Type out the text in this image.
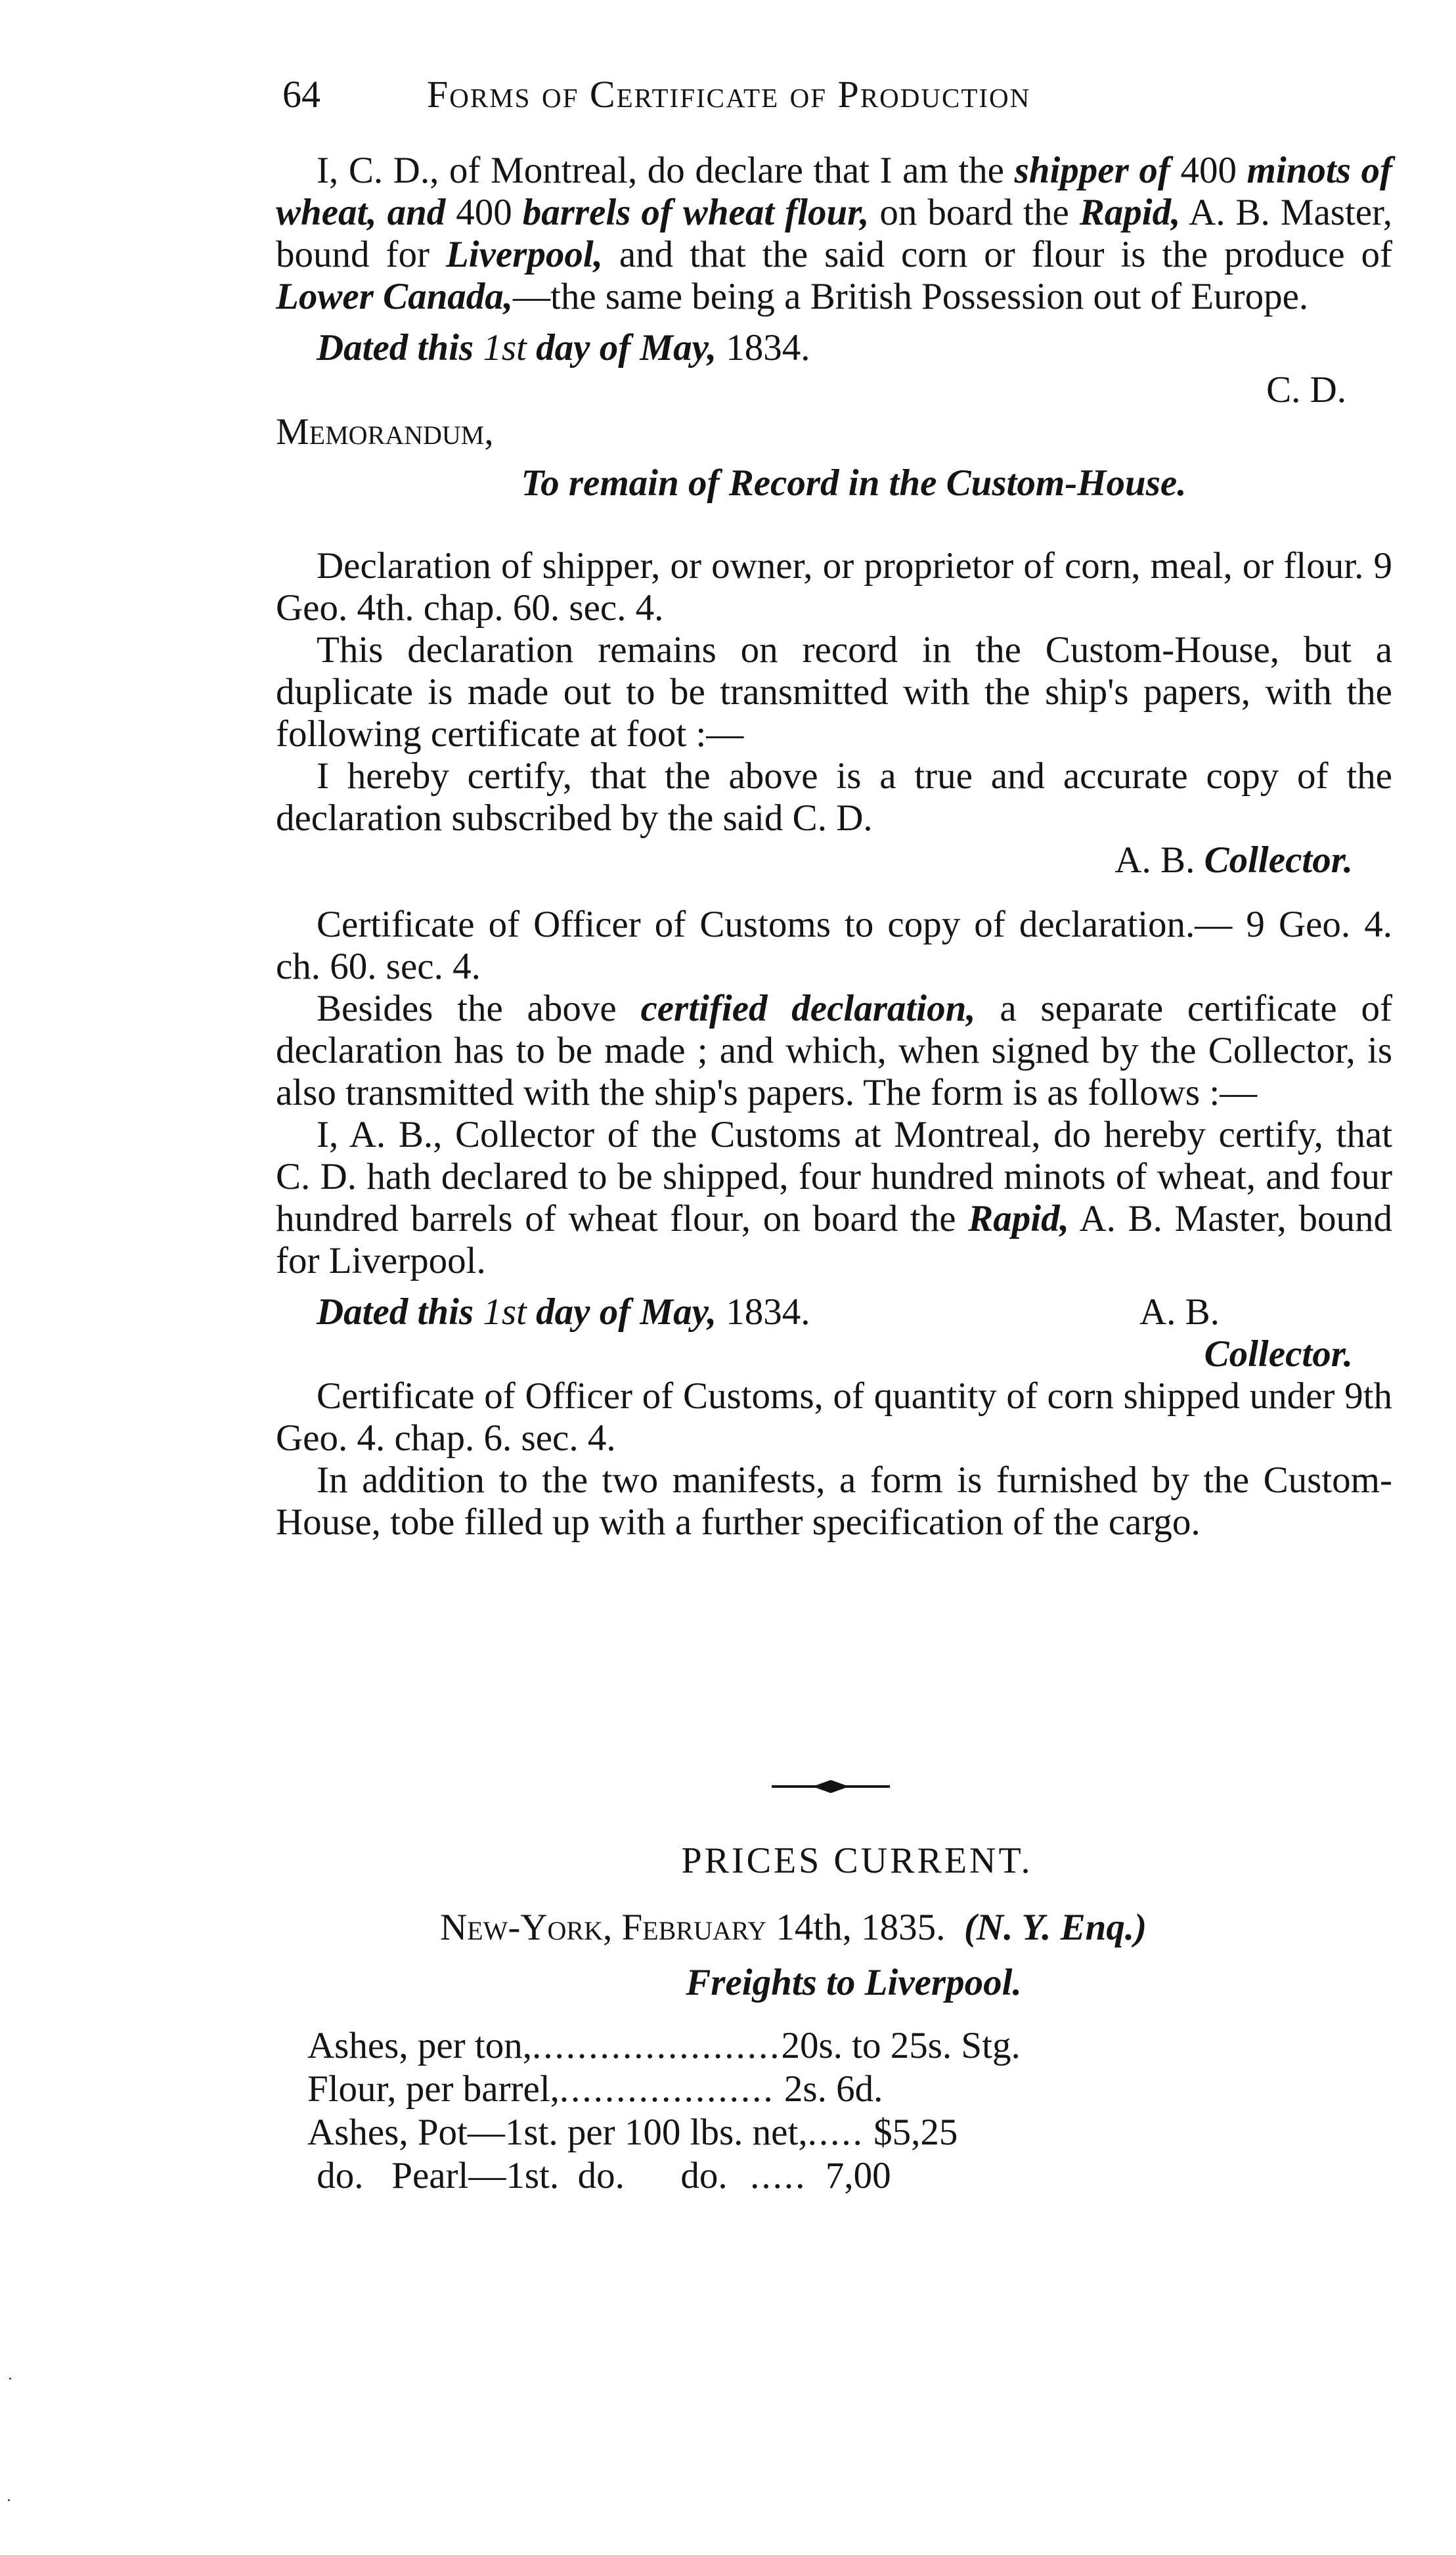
64	Forms of Certificate of Production

I, C. D., of Montreal, do declare that I am the shipper of 400 minots of wheat, and 400 barrels of wheat flour, on board the Rapid, A. B. Master, bound for Liverpool, and that the said corn or flour is the produce of Lower Canada,—the same being a British Possession out of Europe.

Dated this 1st day of May, 1834.

C. D.
Memorandum,
To remain of Record in the Custom-House.

Declaration of shipper, or owner, or proprietor of corn, meal, or flour. 9 Geo. 4th. chap. 60. sec. 4.

This declaration remains on record in the Custom-House, but a duplicate is made out to be transmitted with the ship's papers, with the following certificate at foot :—

I hereby certify, that the above is a true and accurate copy of the declaration subscribed by the said C. D.

A. B. Collector.

Certificate of Officer of Customs to copy of declaration.— 9 Geo. 4. ch. 60. sec. 4.

Besides the above certified declaration, a separate certificate of declaration has to be made ; and which, when signed by the Collector, is also transmitted with the ship's papers. The form is as follows :—

I, A. B., Collector of the Customs at Montreal, do hereby certify, that C. D. hath declared to be shipped, four hundred minots of wheat, and four hundred barrels of wheat flour, on board the Rapid, A. B. Master, bound for Liverpool.

Dated this 1st day of May, 1834.	A. B.
Collector.

Certificate of Officer of Customs, of quantity of corn shipped under 9th Geo. 4. chap. 6. sec. 4.

In addition to the two manifests, a form is furnished by the Custom-House, tobe filled up with a further specification of the cargo.

PRICES CURRENT.
New-York, February 14th, 1835. (N. Y. Enq.)
Freights to Liverpool.
Ashes, per ton, ...................... 20s. to 25s. Stg.
Flour, per barrel, ................... 2s. 6d.
Ashes, Pot—1st. per 100 lbs. net, ..... $5,25
do.   Pearl—1st.  do.      do. ..... 7,00
